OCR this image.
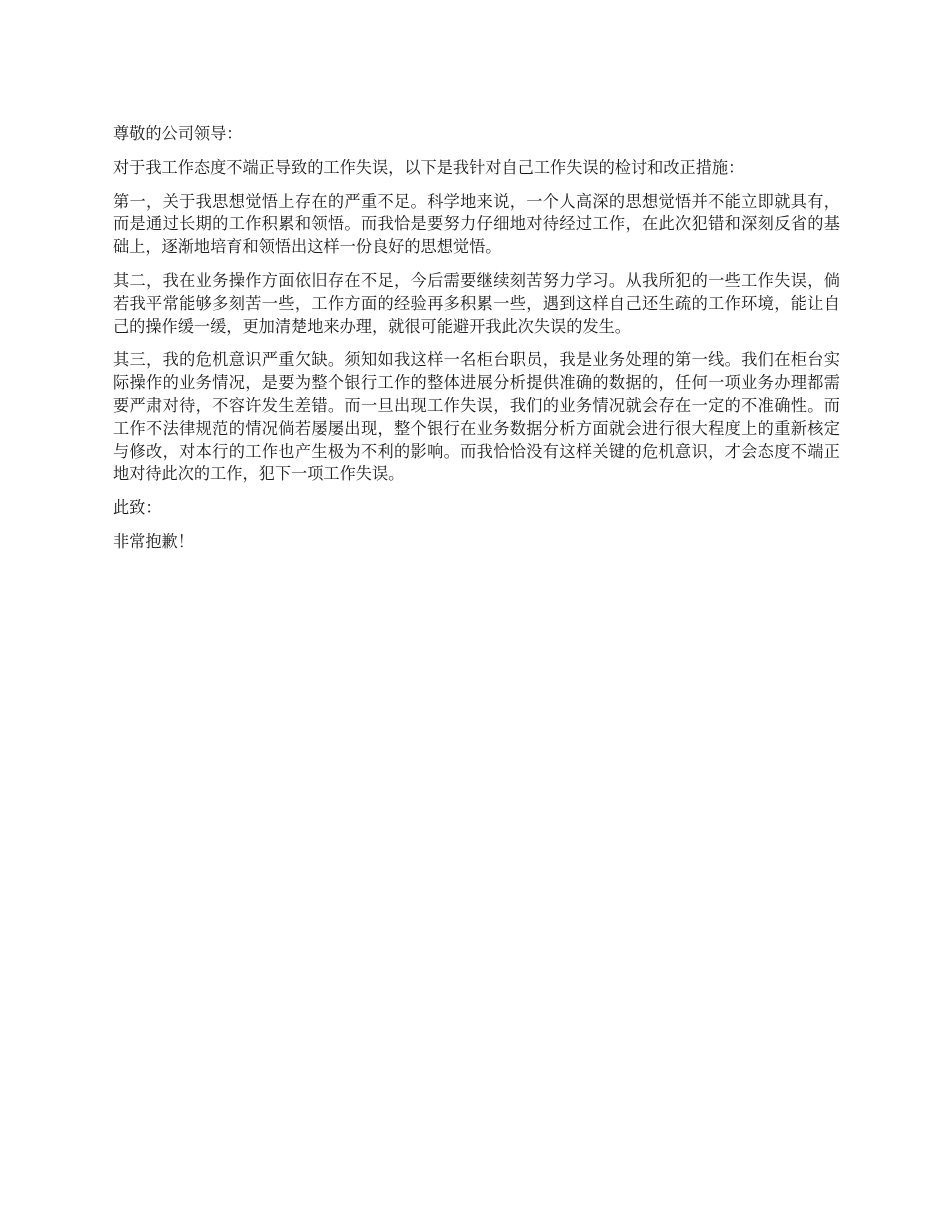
尊敬的公司领导：

对于我工作态度不端正导致的工作失误，以下是我针对自己工作失误的检讨和改正措施：

第一，关于我思想觉悟上存在的严重不足。科学地来说，一个人高深的思想觉悟并不能立即就具有，而是通过长期的工作积累和领悟。而我恰是要努力仔细地对待经过工作，在此次犯错和深刻反省的基础上，逐渐地培育和领悟出这样一份良好的思想觉悟。

其二，我在业务操作方面依旧存在不足，今后需要继续刻苦努力学习。从我所犯的一些工作失误，倘若我平常能够多刻苦一些，工作方面的经验再多积累一些，遇到这样自己还生疏的工作环境，能让自己的操作缓一缓，更加清楚地来办理，就很可能避开我此次失误的发生。

其三，我的危机意识严重欠缺。须知如我这样一名柜台职员，我是业务处理的第一线。我们在柜台实际操作的业务情况，是要为整个银行工作的整体进展分析提供准确的数据的，任何一项业务办理都需要严肃对待，不容许发生差错。而一旦出现工作失误，我们的业务情况就会存在一定的不准确性。而工作不法律规范的情况倘若屡屡出现，整个银行在业务数据分析方面就会进行很大程度上的重新核定与修改，对本行的工作也产生极为不利的影响。而我恰恰没有这样关键的危机意识，才会态度不端正地对待此次的工作，犯下一项工作失误。

此致：

非常抱歉！
